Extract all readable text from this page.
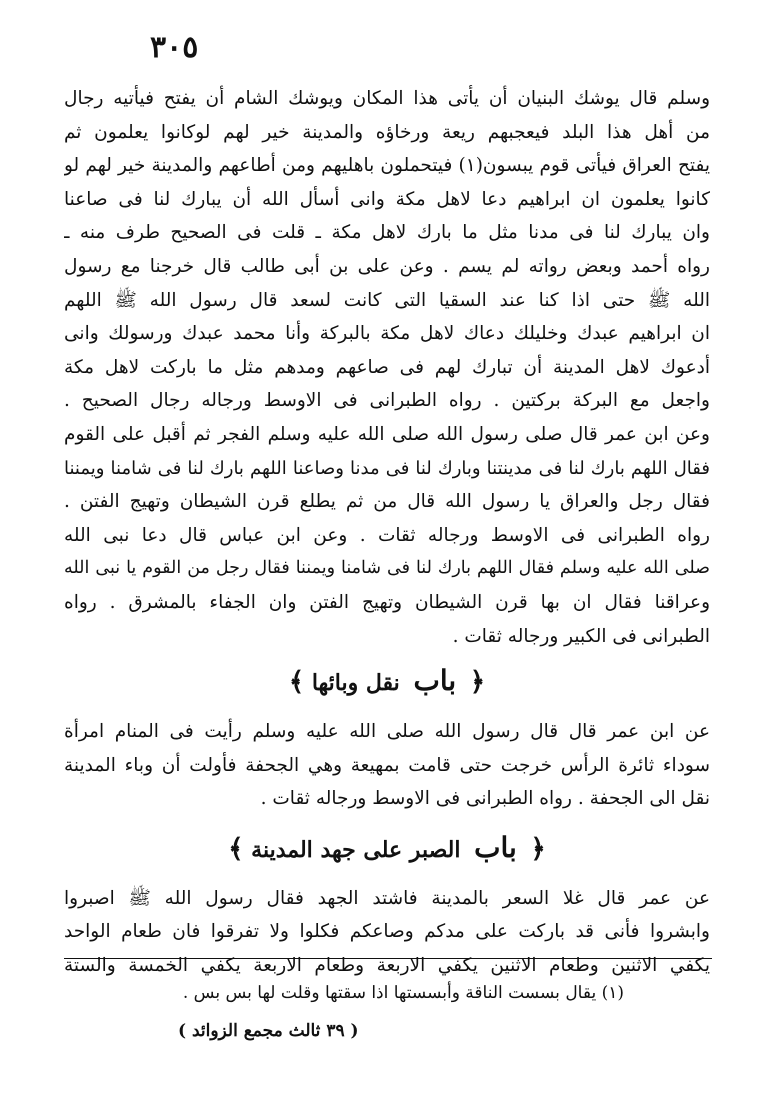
٣٠٥
وسلم قال يوشك البنيان أن يأتى هذا المكان ويوشك الشام أن يفتح فيأتيه رجال
من أهل هذا البلد فيعجبهم ريعة ورخاؤه والمدينة خير لهم لوكانوا يعلمون ثم
يفتح العراق فيأتى قوم يبسون(١) فيتحملون باهليهم ومن أطاعهم والمدينة خير لهم لو
كانوا يعلمون ان ابراهيم دعا لاهل مكة وانى أسأل الله أن يبارك لنا فى صاعنا
وان يبارك لنا فى مدنا مثل ما بارك لاهل مكة ـ قلت فى الصحيح طرف منه ـ
رواه أحمد وبعض رواته لم يسم . وعن على بن أبى طالب قال خرجنا مع رسول
الله ﷺ حتى اذا كنا عند السقيا التى كانت لسعد قال رسول الله ﷺ اللهم
ان ابراهيم عبدك وخليلك دعاك لاهل مكة بالبركة وأنا محمد عبدك ورسولك وانى
أدعوك لاهل المدينة أن تبارك لهم فى صاعهم ومدهم مثل ما باركت لاهل مكة
واجعل مع البركة بركتين . رواه الطبرانى فى الاوسط ورجاله رجال الصحيح .
وعن ابن عمر قال صلى رسول الله صلى الله عليه وسلم الفجر ثم أقبل على القوم
فقال اللهم بارك لنا فى مدينتنا وبارك لنا فى مدنا وصاعنا اللهم بارك لنا فى شامنا ويمننا
فقال رجل والعراق يا رسول الله قال من ثم يطلع قرن الشيطان وتهيج الفتن .
رواه الطبرانى فى الاوسط ورجاله ثقات . وعن ابن عباس قال دعا نبى الله
صلى الله عليه وسلم فقال اللهم بارك لنا فى شامنا ويمننا فقال رجل من القوم يا نبى الله
وعراقنا فقال ان بها قرن الشيطان وتهيج الفتن وان الجفاء بالمشرق . رواه
الطبرانى فى الكبير ورجاله ثقات .
﴿ باب نقل وبائها ﴾
عن ابن عمر قال قال رسول الله صلى الله عليه وسلم رأيت فى المنام امرأة
سوداء ثائرة الرأس خرجت حتى قامت بمهيعة وهي الجحفة فأولت أن وباء المدينة
نقل الى الجحفة . رواه الطبرانى فى الاوسط ورجاله ثقات .
﴿ باب الصبر على جهد المدينة ﴾
عن عمر قال غلا السعر بالمدينة فاشتد الجهد فقال رسول الله ﷺ اصبروا
وابشروا فأنى قد باركت على مدكم وصاعكم فكلوا ولا تفرقوا فان طعام الواحد
يكفي الاثنين وطعام الاثنين يكفي الاربعة وطعام الاربعة يكفي الخمسة والستة
(١) يقال بسست الناقة وأبسستها اذا سقتها وقلت لها بس بس .
( ٣٩ ثالث مجمع الزوائد )
